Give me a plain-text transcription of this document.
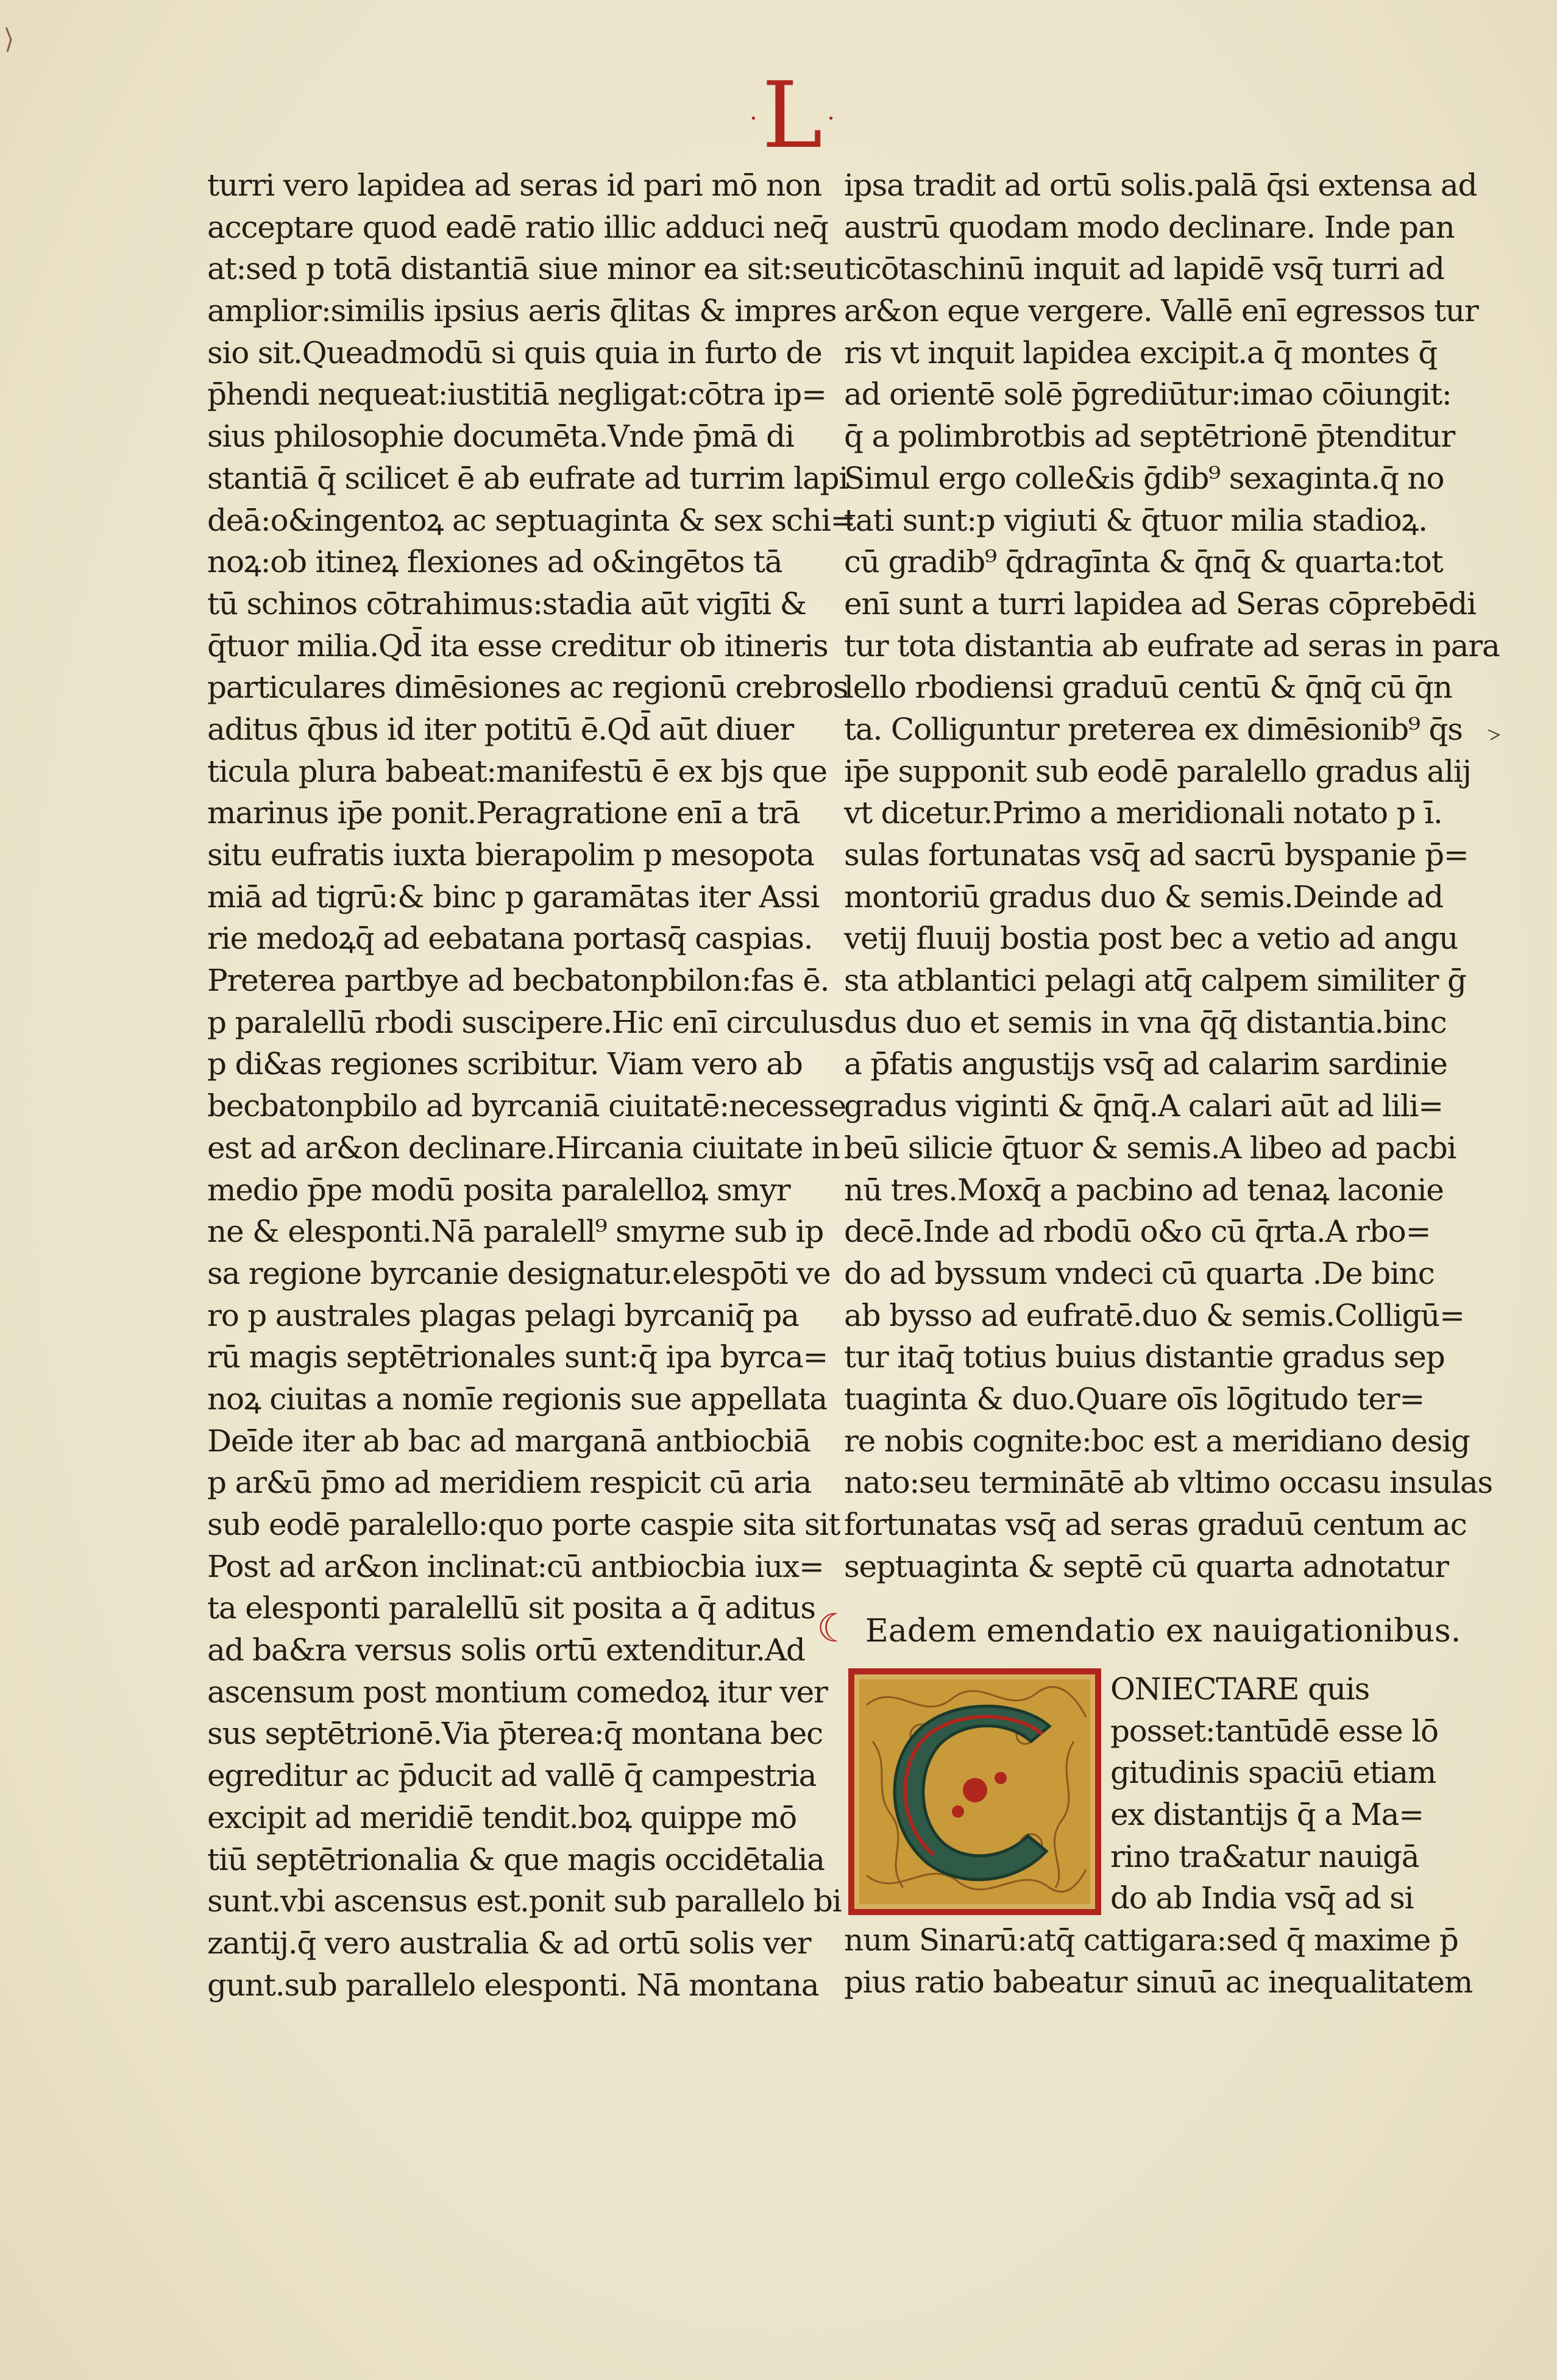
· L ·
turri vero lapidea ad seras id pari mō non
acceptare quod eadē ratio illic adduci neq̄
at:sed p totā distantiā siue minor ea sit:seu
amplior:similis ipsius aeris q̄litas & impres
sio sit.Queadmodū si quis quia in furto de
p̄hendi nequeat:iustitiā negligat:cōtra ip=
sius philosophie documēta.Vnde p̄mā di
stantiā q̄ scilicet ē ab eufrate ad turrim lapi
deā:o&ingentoꝝ ac septuaginta & sex schi=
noꝝ:ob itineꝝ flexiones ad o&ingētos tā
tū schinos cōtrahimus:stadia aūt vigīti &
q̄tuor milia.Qd̄ ita esse creditur ob itineris
particulares dimēsiones ac regionū crebros
aditus q̄bus id iter potitū ē.Qd̄ aūt diuer
ticula plura babeat:manifestū ē ex bjs que
marinus ip̄e ponit.Peragratione enī a trā
situ eufratis iuxta bierapolim p mesopota
miā ad tigrū:& binc p garamātas iter Assi
rie medoꝝq̄ ad eebatana portasq̄ caspias.
Preterea partbye ad becbatonpbilon:fas ē.
p paralellū rbodi suscipere.Hic enī circulus
p di&as regiones scribitur. Viam vero ab
becbatonpbilo ad byrcaniā ciuitatē:necesse
est ad ar&on declinare.Hircania ciuitate in
medio p̄pe modū posita paralelloꝝ smyr
ne & elesponti.Nā paralell⁹ smyrne sub ip
sa regione byrcanie designatur.elespōti ve
ro p australes plagas pelagi byrcaniq̄ pa
rū magis septētrionales sunt:q̄ ipa byrca=
noꝝ ciuitas a nomīe regionis sue appellata
Deīde iter ab bac ad marganā antbiocbiā
p ar&ū p̄mo ad meridiem respicit cū aria
sub eodē paralello:quo porte caspie sita sit
Post ad ar&on inclinat:cū antbiocbia iux=
ta elesponti paralellū sit posita a q̄ aditus
ad ba&ra versus solis ortū extenditur.Ad
ascensum post montium comedoꝝ itur ver
sus septētrionē.Via p̄terea:q̄ montana bec
egreditur ac p̄ducit ad vallē q̄ campestria
excipit ad meridiē tendit.boꝝ quippe mō
tiū septētrionalia & que magis occidētalia
sunt.vbi ascensus est.ponit sub parallelo bi
zantij.q̄ vero australia & ad ortū solis ver
gunt.sub parallelo elesponti. Nā montana
ipsa tradit ad ortū solis.palā q̄si extensa ad
austrū quodam modo declinare. Inde pan
ticōtaschinū inquit ad lapidē vsq̄ turri ad
ar&on eque vergere. Vallē enī egressos tur
ris vt inquit lapidea excipit.a q̄ montes q̄
ad orientē solē p̄grediūtur:imao cōiungit:
q̄ a polimbrotbis ad septētrionē p̄tenditur
Simul ergo colle&is ḡdib⁹ sexaginta.q̄ no
tati sunt:p vigiuti & q̄tuor milia stadioꝝ.
cū gradib⁹ q̄dragīnta & q̄nq̄ & quarta:tot
enī sunt a turri lapidea ad Seras cōprebēdi
tur tota distantia ab eufrate ad seras in para
lello rbodiensi graduū centū & q̄nq̄ cū q̄n
ta. Colliguntur preterea ex dimēsionib⁹ q̄s
ip̄e supponit sub eodē paralello gradus alij
vt dicetur.Primo a meridionali notato p ī.
sulas fortunatas vsq̄ ad sacrū byspanie p̄=
montoriū gradus duo & semis.Deinde ad
vetij fluuij bostia post bec a vetio ad angu
sta atblantici pelagi atq̄ calpem similiter ḡ
dus duo et semis in vna q̄q̄ distantia.binc
a p̄fatis angustijs vsq̄ ad calarim sardinie
gradus viginti & q̄nq̄.A calari aūt ad lili=
beū silicie q̄tuor & semis.A libeo ad pacbi
nū tres.Moxq̄ a pacbino ad tenaꝝ laconie
decē.Inde ad rbodū o&o cū q̄rta.A rbo=
do ad byssum vndeci cū quarta .De binc
ab bysso ad eufratē.duo & semis.Colligū=
tur itaq̄ totius buius distantie gradus sep
tuaginta & duo.Quare oīs lōgitudo ter=
re nobis cognite:boc est a meridiano desig
nato:seu terminātē ab vltimo occasu insulas
fortunatas vsq̄ ad seras graduū centum ac
septuaginta & septē cū quarta adnotatur
☾ Eadem emendatio ex nauigationibus.
ONIECTARE quis
posset:tantūdē esse lō
gitudinis spaciū etiam
ex distantijs q̄ a Ma=
rino tra&atur nauigā
do ab India vsq̄ ad si
num Sinarū:atq̄ cattigara:sed q̄ maxime p̄
pius ratio babeatur sinuū ac inequalitatem
